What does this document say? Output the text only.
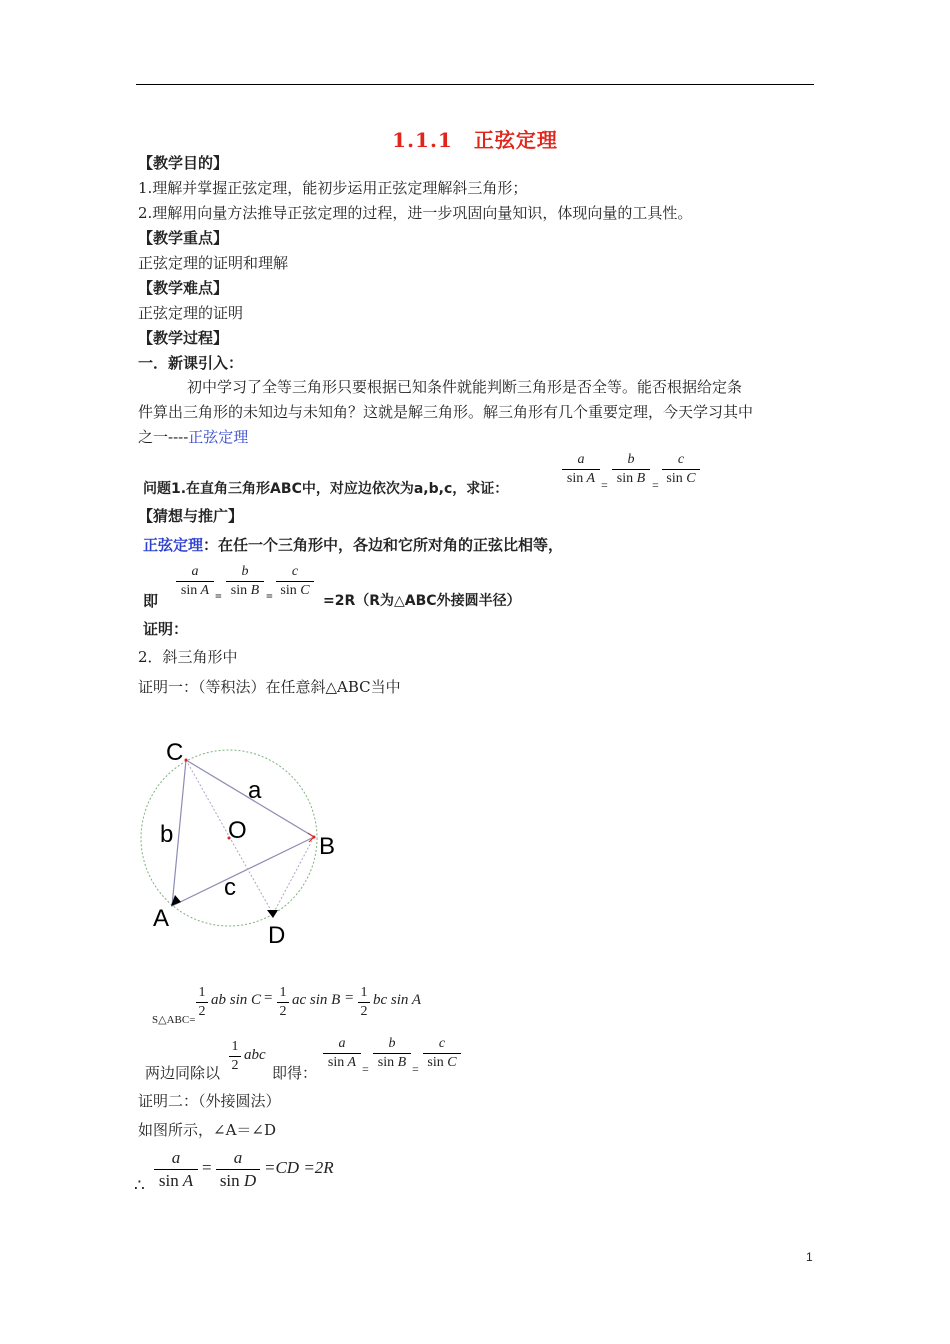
1.1.1　正弦定理
【教学目的】
1.理解并掌握正弦定理，能初步运用正弦定理解斜三角形；
2.理解用向量方法推导正弦定理的过程，进一步巩固向量知识，体现向量的工具性。
【教学重点】
正弦定理的证明和理解
【教学难点】
正弦定理的证明
【教学过程】
一．新课引入：
初中学习了全等三角形只要根据已知条件就能判断三角形是否全等。能否根据给定条
件算出三角形的未知边与未知角？这就是解三角形。解三角形有几个重要定理，今天学习其中
之一----正弦定理
问题1.在直角三角形ABC中，对应边依次为a,b,c，求证：
a
sin A =
b
sin B =
c
sin C
【猜想与推广】
正弦定理：在任一个三角形中，各边和它所对角的正弦比相等，
即
a
sin A =
b
sin B =
c
sin C
=2R（R为△ABC外接圆半径）
证明：
2．斜三角形中
证明一：（等积法）在任意斜△ABC当中
C
a
b O
B
c
A
D
S△ABC=
1
2
ab sin C = 1
2
ac sin B = 1
2
bc sin A
两边同除以
1
2
abc
即得：
a
sin A =
b
sin B =
c
sin C
证明二：（外接圆法）
如图所示，∠A＝∠D
∴
a
sin A
=
a
sin D
=CD =2R
1
